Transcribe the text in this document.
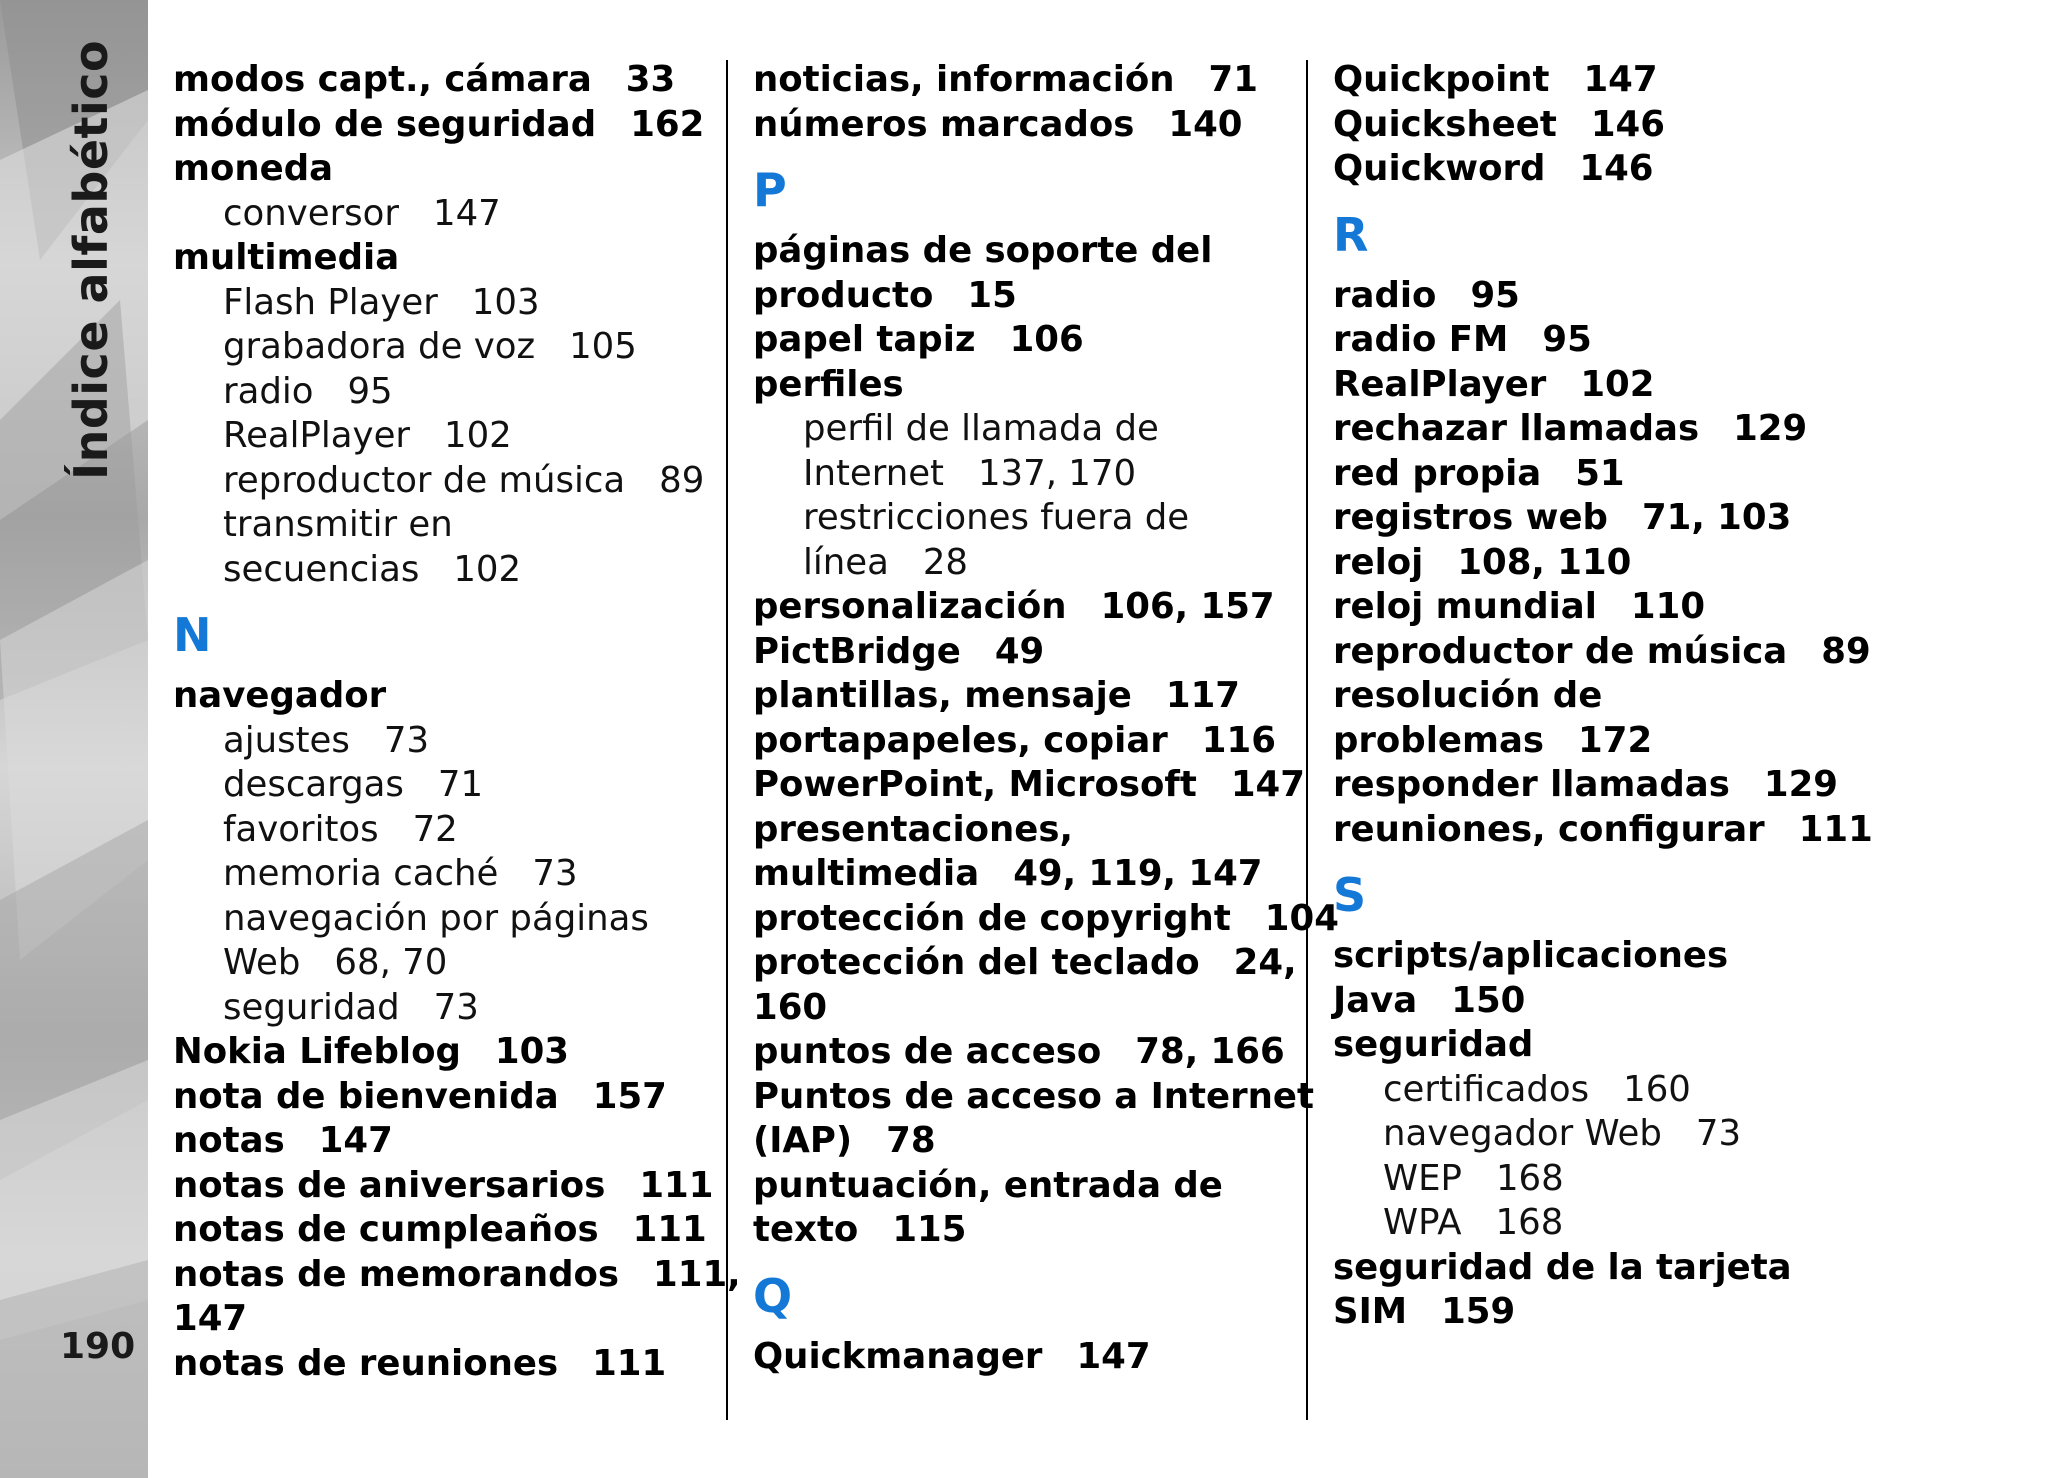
Índice alfabético
190
modos capt., cámara 33
módulo de seguridad 162
moneda
conversor 147
multimedia
Flash Player 103
grabadora de voz 105
radio 95
RealPlayer 102
reproductor de música 89
transmitir en
secuencias 102
N
navegador
ajustes 73
descargas 71
favoritos 72
memoria caché 73
navegación por páginas
Web 68, 70
seguridad 73
Nokia Lifeblog 103
nota de bienvenida 157
notas 147
notas de aniversarios 111
notas de cumpleaños 111
notas de memorandos 111,
147
notas de reuniones 111
noticias, información 71
números marcados 140
P
páginas de soporte del
producto 15
papel tapiz 106
perfiles
perfil de llamada de
Internet 137, 170
restricciones fuera de
línea 28
personalización 106, 157
PictBridge 49
plantillas, mensaje 117
portapapeles, copiar 116
PowerPoint, Microsoft 147
presentaciones,
multimedia 49, 119, 147
protección de copyright 104
protección del teclado 24,
160
puntos de acceso 78, 166
Puntos de acceso a Internet
(IAP) 78
puntuación, entrada de
texto 115
Q
Quickmanager 147
Quickpoint 147
Quicksheet 146
Quickword 146
R
radio 95
radio FM 95
RealPlayer 102
rechazar llamadas 129
red propia 51
registros web 71, 103
reloj 108, 110
reloj mundial 110
reproductor de música 89
resolución de
problemas 172
responder llamadas 129
reuniones, configurar 111
S
scripts/aplicaciones
Java 150
seguridad
certificados 160
navegador Web 73
WEP 168
WPA 168
seguridad de la tarjeta
SIM 159
